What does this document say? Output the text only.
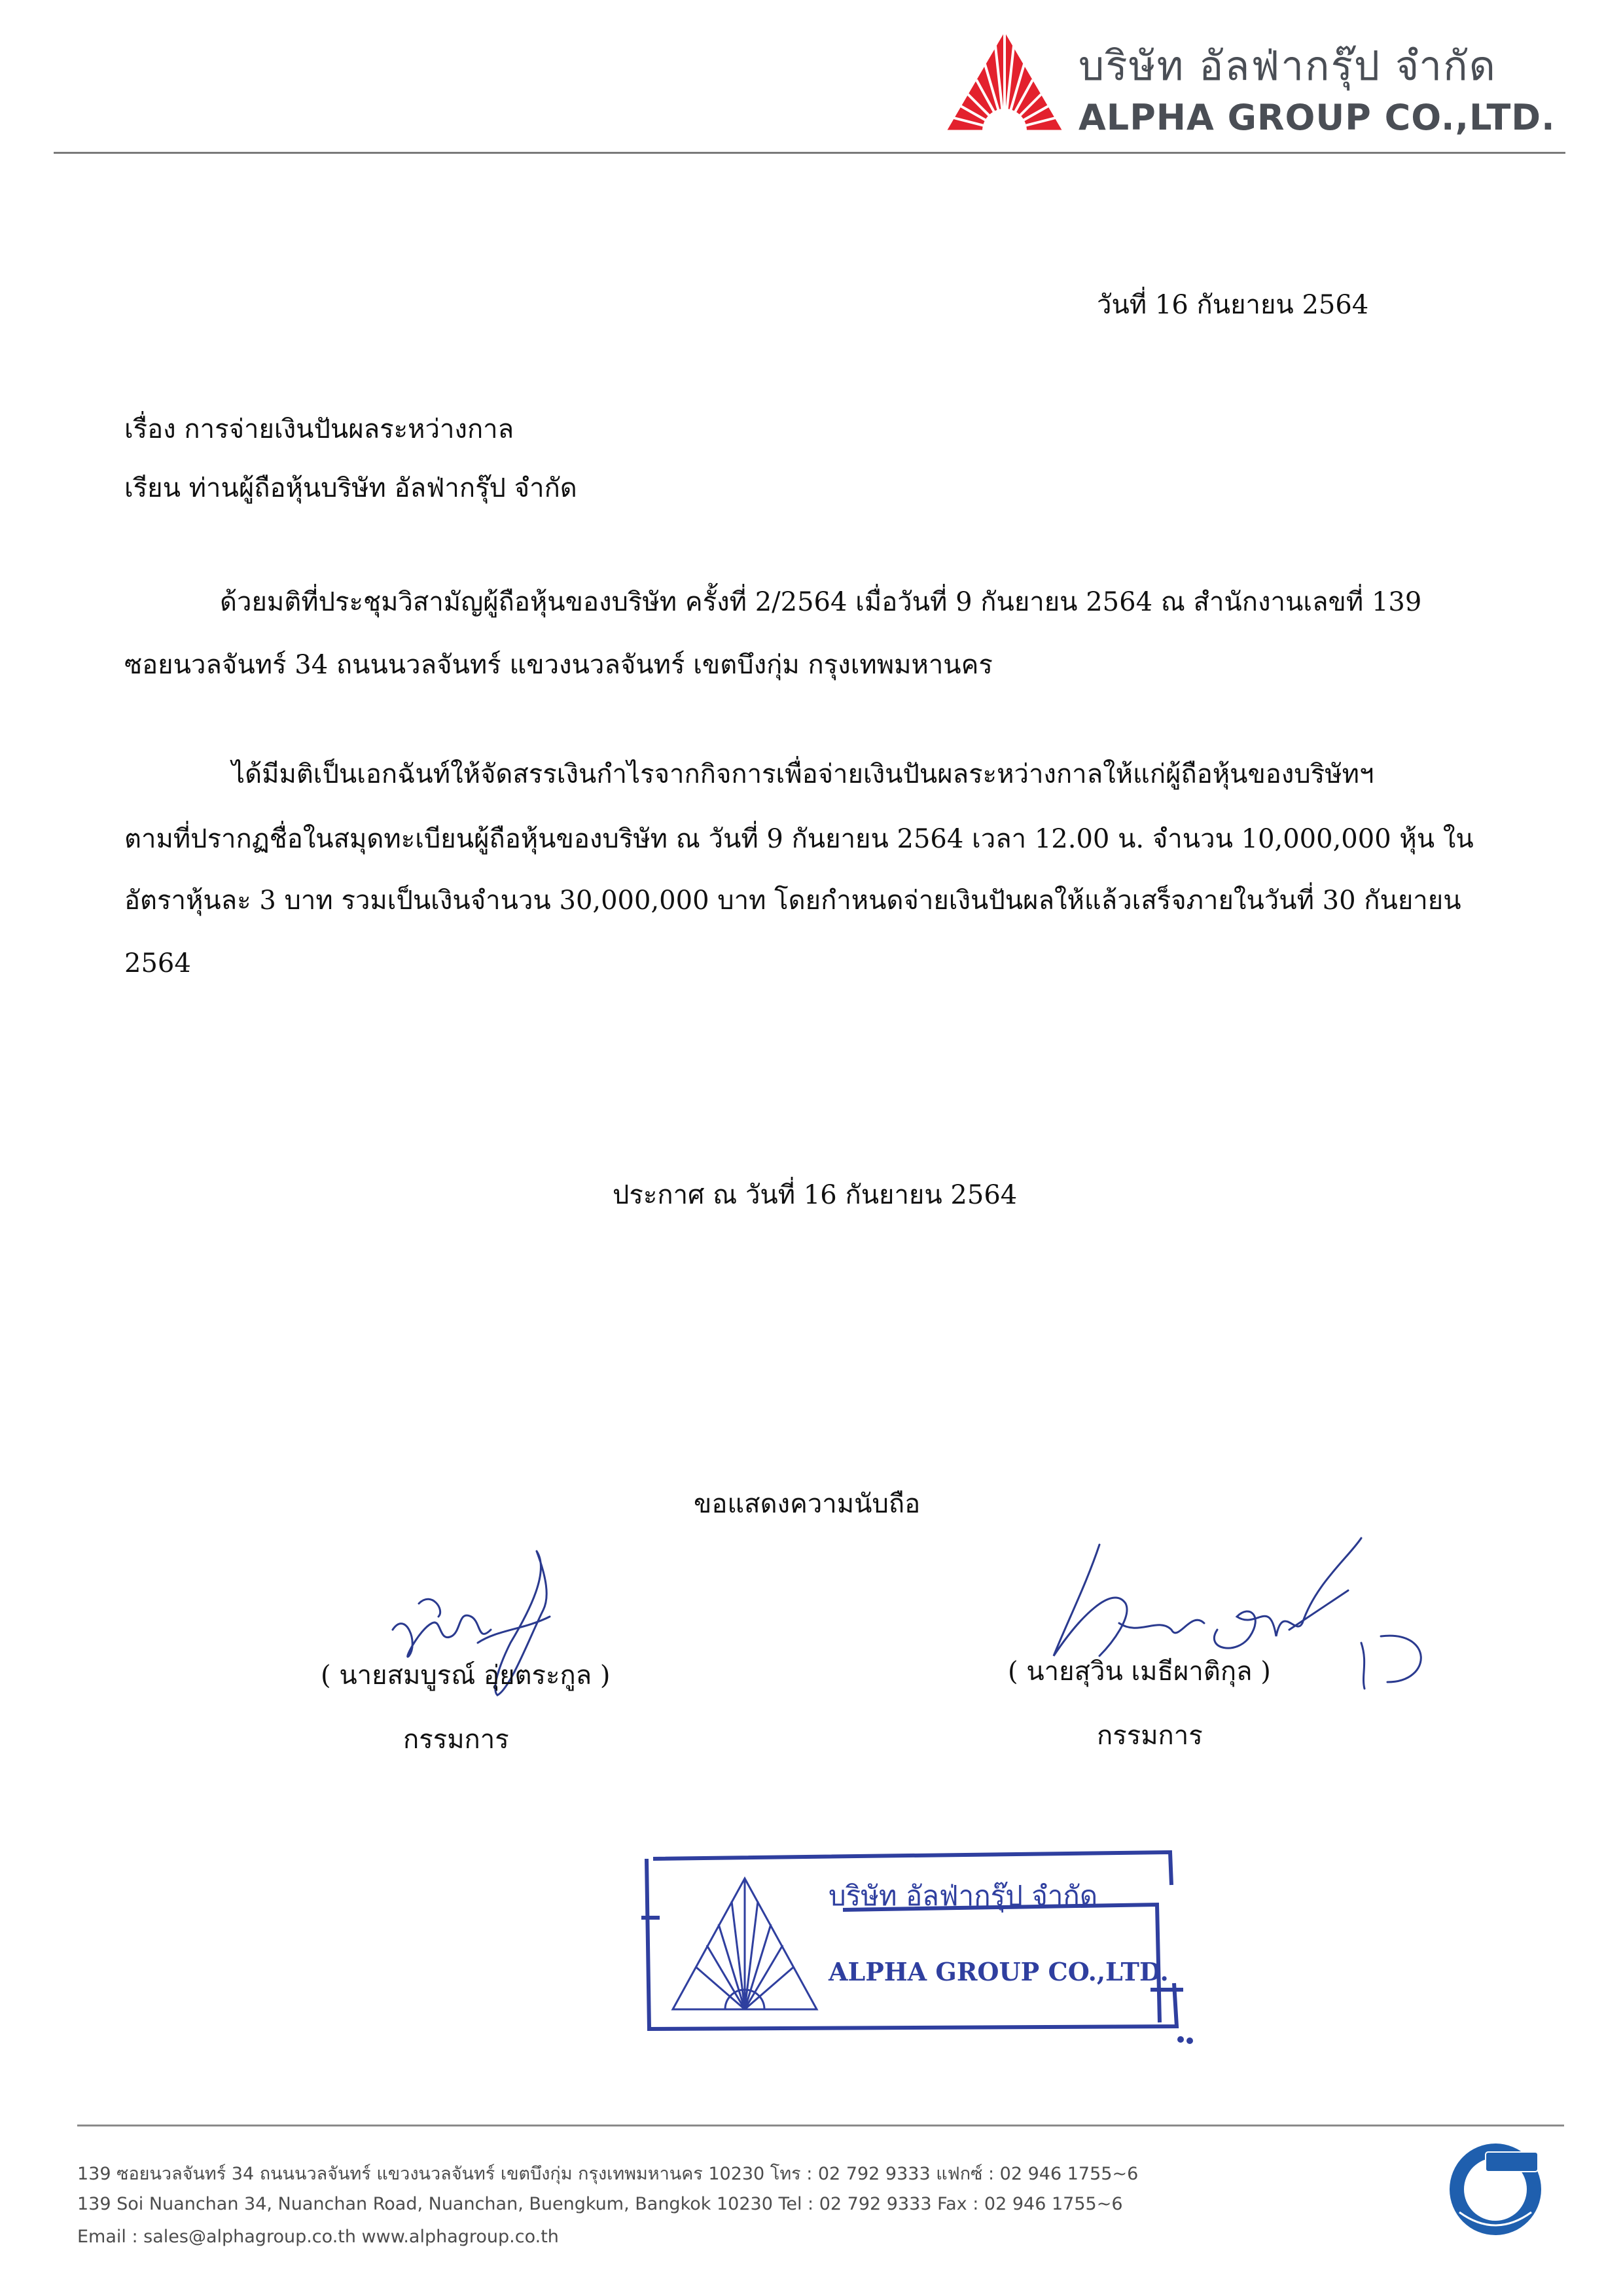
บริษัท อัลฟ่ากรุ๊ป จำกัด
ALPHA GROUP CO.,LTD.
วันที่ 16 กันยายน 2564
เรื่อง การจ่ายเงินปันผลระหว่างกาล
เรียน ท่านผู้ถือหุ้นบริษัท อัลฟ่ากรุ๊ป จำกัด
ด้วยมติที่ประชุมวิสามัญผู้ถือหุ้นของบริษัท ครั้งที่ 2/2564 เมื่อวันที่ 9 กันยายน 2564 ณ สำนักงานเลขที่ 139
ซอยนวลจันทร์ 34 ถนนนวลจันทร์ แขวงนวลจันทร์ เขตบึงกุ่ม กรุงเทพมหานคร
ได้มีมติเป็นเอกฉันท์ให้จัดสรรเงินกำไรจากกิจการเพื่อจ่ายเงินปันผลระหว่างกาลให้แก่ผู้ถือหุ้นของบริษัทฯ
ตามที่ปรากฏชื่อในสมุดทะเบียนผู้ถือหุ้นของบริษัท ณ วันที่ 9 กันยายน 2564 เวลา 12.00 น. จำนวน 10,000,000 หุ้น ใน
อัตราหุ้นละ 3 บาท รวมเป็นเงินจำนวน 30,000,000 บาท โดยกำหนดจ่ายเงินปันผลให้แล้วเสร็จภายในวันที่ 30 กันยายน
2564
ประกาศ ณ วันที่ 16 กันยายน 2564
ขอแสดงความนับถือ
( นายสมบูรณ์ อุ่ยตระกูล )
กรรมการ
( นายสุวิน เมธีผาติกุล )
กรรมการ
บริษัท อัลฟ่ากรุ๊ป จำกัด
ALPHA GROUP CO.,LTD.
139 ซอยนวลจันทร์ 34 ถนนนวลจันทร์ แขวงนวลจันทร์ เขตบึงกุ่ม กรุงเทพมหานคร 10230 โทร : 02 792 9333 แฟกซ์ : 02 946 1755~6
139 Soi Nuanchan 34, Nuanchan Road, Nuanchan, Buengkum, Bangkok 10230 Tel : 02 792 9333 Fax : 02 946 1755~6
Email : sales@alphagroup.co.th www.alphagroup.co.th
